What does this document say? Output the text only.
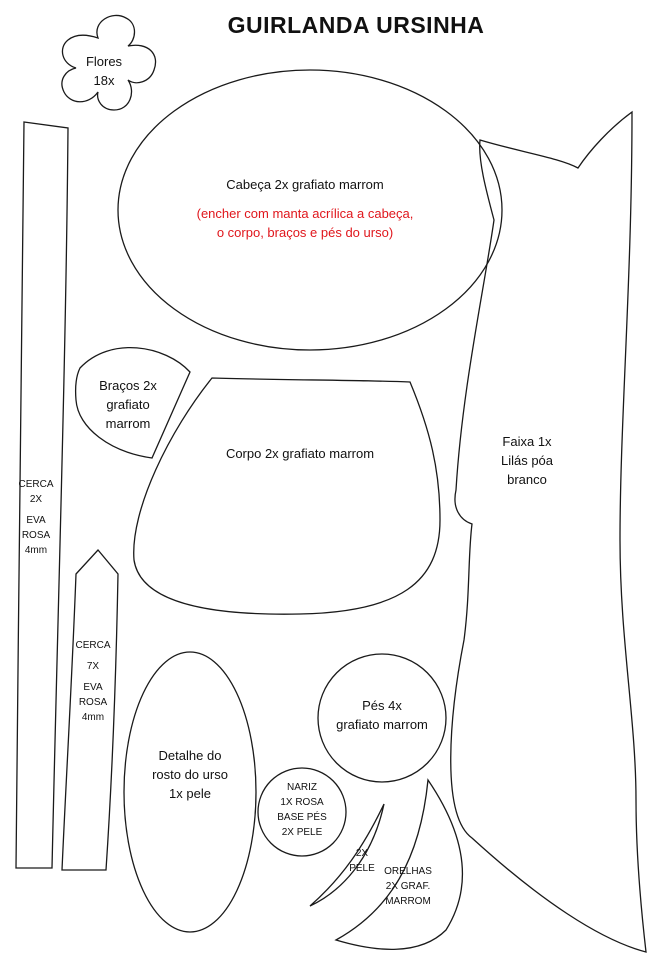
GUIRLANDA URSINHA
Flores
18x
Cabeça 2x grafiato marrom
(encher com manta acrílica a cabeça,
o corpo, braços e pés do urso)
Braços 2x
grafiato
marrom
Corpo 2x grafiato marrom
Faixa 1x
Lilás póa
branco
CERCA
2X
EVA
ROSA
4mm
CERCA
7X
EVA
ROSA
4mm
Detalhe do
rosto do urso
1x pele
Pés 4x
grafiato marrom
NARIZ
1X ROSA
BASE PÉS
2X PELE
2X
PELE ORELHAS
2X GRAF.
MARROM
